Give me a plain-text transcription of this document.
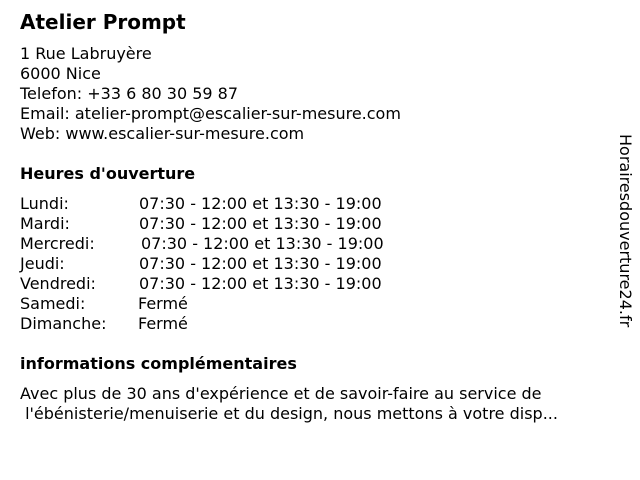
Atelier Prompt
1 Rue Labruyère
6000 Nice
Telefon: +33 6 80 30 59 87
Email: atelier-prompt@escalier-sur-mesure.com
Web: www.escalier-sur-mesure.com
Heures d'ouverture
Lundi:	07:30 - 12:00 et 13:30 - 19:00
Mardi:	07:30 - 12:00 et 13:30 - 19:00
Mercredi:	07:30 - 12:00 et 13:30 - 19:00
Jeudi:	07:30 - 12:00 et 13:30 - 19:00
Vendredi:	07:30 - 12:00 et 13:30 - 19:00
Samedi:	Fermé
Dimanche: Fermé
informations complémentaires
Avec plus de 30 ans d'expérience et de savoir-faire au service de
l'ébénisterie/menuiserie et du design, nous mettons à votre disp...
Horairesdouverture24.fr
